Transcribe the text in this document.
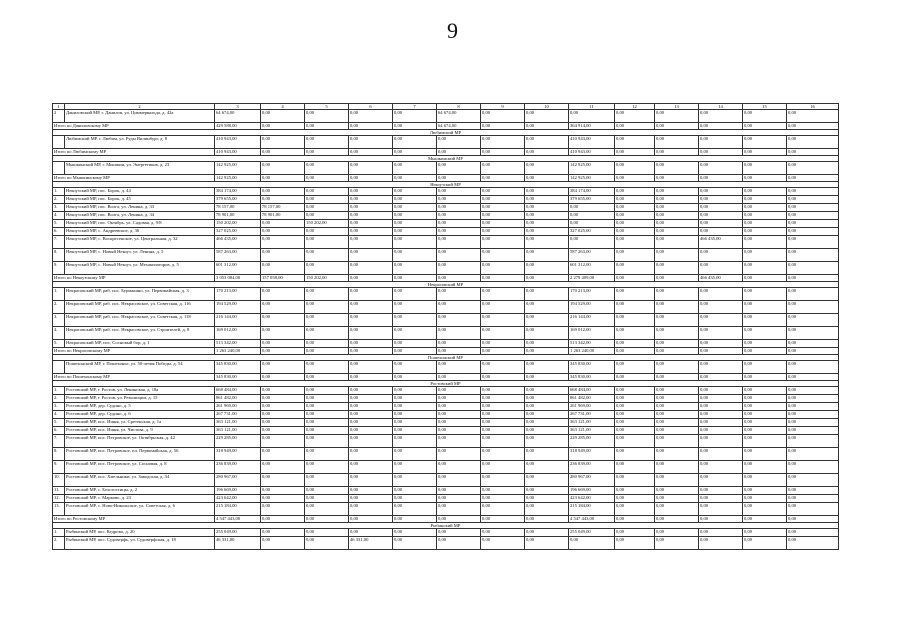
9
1	2	3	4	5	6	7	8	9	10	11	12	13	14	15	16
2	Даниловский МР, г. Данилов, ул. Циммервальда, д. 42а	64 674,00	0,00	0,00	0,00	0,00	64 674,00	0,00	0,00	0,00	0,00	0,00	0,00	0,00	0,00
Итого по Даниловскому МР		429 588,00	0,00	0,00	0,00	0,00	64 674,00	0,00	0,00	364 914,00	0,00	0,00	0,00	0,00	0,00
Любимский МР															
	Любимский МР, г. Любим, ул. Руды Вилинбург, д. 8	410 943,00	0,00	0,00	0,00	0,00	0,00	0,00	0,00	410 943,00	0,00	0,00	0,00	0,00	0,00
Итого по Любимскому МР		410 943,00	0,00	0,00	0,00	0,00	0,00	0,00	0,00	410 943,00	0,00	0,00	0,00	0,00	0,00
Мышкинский МР															
	Мышкинский МР, г. Мышкин, ул. Энергетиков, д. 23	142 925,00	0,00	0,00	0,00	0,00	0,00	0,00	0,00	142 925,00	0,00	0,00	0,00	0,00	0,00
Итого по Мышкинскому МР		142 925,00	0,00	0,00	0,00	0,00	0,00	0,00	0,00	142 925,00	0,00	0,00	0,00	0,00	0,00
Некоузский МР															
1.	Некоузский МР, пос. Борок, д. 44	384 174,00	0,00	0,00	0,00	0,00	0,00	0,00	0,00	384 174,00	0,00	0,00	0,00	0,00	0,00
2.	Некоузский МР, пос. Борок, д. 45	379 655,00	0,00	0,00	0,00	0,00	0,00	0,00	0,00	379 655,00	0,00	0,00	0,00	0,00	0,00
3.	Некоузский МР, пос. Волга, ул. Ленина, д. 33	78 157,00	78 157,00	0,00	0,00	0,00	0,00	0,00	0,00	0,00	0,00	0,00	0,00	0,00	0,00
4.	Некоузский МР, пос. Волга, ул. Ленина, д. 34	78 901,00	78 901,00	0,00	0,00	0,00	0,00	0,00	0,00	0,00	0,00	0,00	0,00	0,00	0,00
5.	Некоузский МР, пос. Октябрь, ул. Садовая, д. 9/8	150 202,00	0,00	150 202,00	0,00	0,00	0,00	0,00	0,00	0,00	0,00	0,00	0,00	0,00	0,00
6.	Некоузский МР, с. Андреевское, д. 36	327 025,00	0,00	0,00	0,00	0,00	0,00	0,00	0,00	327 025,00	0,00	0,00	0,00	0,00	0,00
7.	Некоузский МР, с. Воскресенское, ул. Центральная, д. 32	466 435,00	0,00	0,00	0,00	0,00	0,00	0,00	0,00	0,00	0,00	0,00	466 435,00	0,00	0,00
8.	Некоузский МР, с. Новый Некоуз, ул. Ленина, д. 5	587 263,00	0,00	0,00	0,00	0,00	0,00	0,00	0,00	587 263,00	0,00	0,00	0,00	0,00	0,00
9.	Некоузский МР, с. Новый Некоуз, ул. Механизаторов, д. 5	601 312,00	0,00	0,00	0,00	0,00	0,00	0,00	0,00	601 312,00	0,00	0,00	0,00	0,00	0,00
Итого по Некоузскому МР		3 053 084,00	157 058,00	150 202,00	0,00	0,00	0,00	0,00	0,00	2 279 409,00	0,00	0,00	466 435,00	0,00	0,00
Некрасовский МР															
1.	Некрасовский МР, раб. пос. Бурмакино, ул. Первомайская, д. 3	170 213,00	0,00	0,00	0,00	0,00	0,00	0,00	0,00	170 213,00	0,00	0,00	0,00	0,00	0,00
2.	Некрасовский МР, раб. пос. Некрасовское, ул. Советская, д. 116	194 529,00	0,00	0,00	0,00	0,00	0,00	0,00	0,00	194 529,00	0,00	0,00	0,00	0,00	0,00
3.	Некрасовский МР, раб. пос. Некрасовское, ул. Советская, д. 118	216 144,00	0,00	0,00	0,00	0,00	0,00	0,00	0,00	216 144,00	0,00	0,00	0,00	0,00	0,00
4.	Некрасовский МР, раб. пос. Некрасовское, ул. Строителей, д. 8	169 012,00	0,00	0,00	0,00	0,00	0,00	0,00	0,00	169 012,00	0,00	0,00	0,00	0,00	0,00
5.	Некрасовский МР, пос. Сосновый бор, д. 1	513 342,00	0,00	0,00	0,00	0,00	0,00	0,00	0,00	513 342,00	0,00	0,00	0,00	0,00	0,00
Итого по Некрасовскому МР		1 263 240,00	0,00	0,00	0,00	0,00	0,00	0,00	0,00	1 263 240,00	0,00	0,00	0,00	0,00	0,00
Пошехонский МР															
	Пошехонский МР, г. Пошехонье, ул. 50-летия Победы, д. 54	345 830,00	0,00	0,00	0,00	0,00	0,00	0,00	0,00	345 830,00	0,00	0,00	0,00	0,00	0,00
Итого по Пошехонскому МР		345 830,00	0,00	0,00	0,00	0,00	0,00	0,00	0,00	345 830,00	0,00	0,00	0,00	0,00	0,00
Ростовский МР															
1.	Ростовский МР, г. Ростов, ул. Ленинская, д. 18а	668 484,00	0,00	0,00	0,00	0,00	0,00	0,00	0,00	668 484,00	0,00	0,00	0,00	0,00	0,00
2.	Ростовский МР, г. Ростов, ул. Революции, д. 15	861 482,00	0,00	0,00	0,00	0,00	0,00	0,00	0,00	861 482,00	0,00	0,00	0,00	0,00	0,00
3.	Ростовский МР, дер. Судино, д. 5	261 969,00	0,00	0,00	0,00	0,00	0,00	0,00	0,00	261 969,00	0,00	0,00	0,00	0,00	0,00
4.	Ростовский МР, дер. Судино, д. 6	267 731,00	0,00	0,00	0,00	0,00	0,00	0,00	0,00	267 731,00	0,00	0,00	0,00	0,00	0,00
5.	Ростовский МР, пос. Ишня, ул. Сретенская, д. 1а	363 121,00	0,00	0,00	0,00	0,00	0,00	0,00	0,00	363 121,00	0,00	0,00	0,00	0,00	0,00
6.	Ростовский МР, пос. Ишня, ул. Чистова, д. 9	363 121,00	0,00	0,00	0,00	0,00	0,00	0,00	0,00	363 121,00	0,00	0,00	0,00	0,00	0,00
7.	Ростовский МР, пос. Петровское, ул. Октябрьская, д. 42	229 285,00	0,00	0,00	0,00	0,00	0,00	0,00	0,00	229 285,00	0,00	0,00	0,00	0,00	0,00
8.	Ростовский МР, пос. Петровское, пл. Первомайская, д. 56	318 949,00	0,00	0,00	0,00	0,00	0,00	0,00	0,00	318 949,00	0,00	0,00	0,00	0,00	0,00
9.	Ростовский МР, пос. Петровское, ул. Сосновая, д. 8	236 839,00	0,00	0,00	0,00	0,00	0,00	0,00	0,00	236 839,00	0,00	0,00	0,00	0,00	0,00
10.	Ростовский МР, пос. Хмельники, ул. Заводская, д. 34	280 967,00	0,00	0,00	0,00	0,00	0,00	0,00	0,00	280 967,00	0,00	0,00	0,00	0,00	0,00
11.	Ростовский МР, с. Белогостицы, д. 2	196 669,00	0,00	0,00	0,00	0,00	0,00	0,00	0,00	196 669,00	0,00	0,00	0,00	0,00	0,00
12.	Ростовский МР, с. Марково, д. 23	423 642,00	0,00	0,00	0,00	0,00	0,00	0,00	0,00	423 642,00	0,00	0,00	0,00	0,00	0,00
13.	Ростовский МР, с. Ново-Никольское, ул. Советская, д. 6	215 184,00	0,00	0,00	0,00	0,00	0,00	0,00	0,00	215 184,00	0,00	0,00	0,00	0,00	0,00
Итого по Ростовскому МР		4 547 443,00	0,00	0,00	0,00	0,00	0,00	0,00	0,00	4 547 443,00	0,00	0,00	0,00	0,00	0,00
Рыбинский МР															
1.	Рыбинский МР, пос. Кедрово, д. 20	255 049,00	0,00	0,00	0,00	0,00	0,00	0,00	0,00	255 049,00	0,00	0,00	0,00	0,00	0,00
2.	Рыбинский МР, пос. Судоверфь, ул. Судоверфская, д. 18	46 331,00	0,00	0,00	46 331,00	0,00	0,00	0,00	0,00	0,00	0,00	0,00	0,00	0,00	0,00
